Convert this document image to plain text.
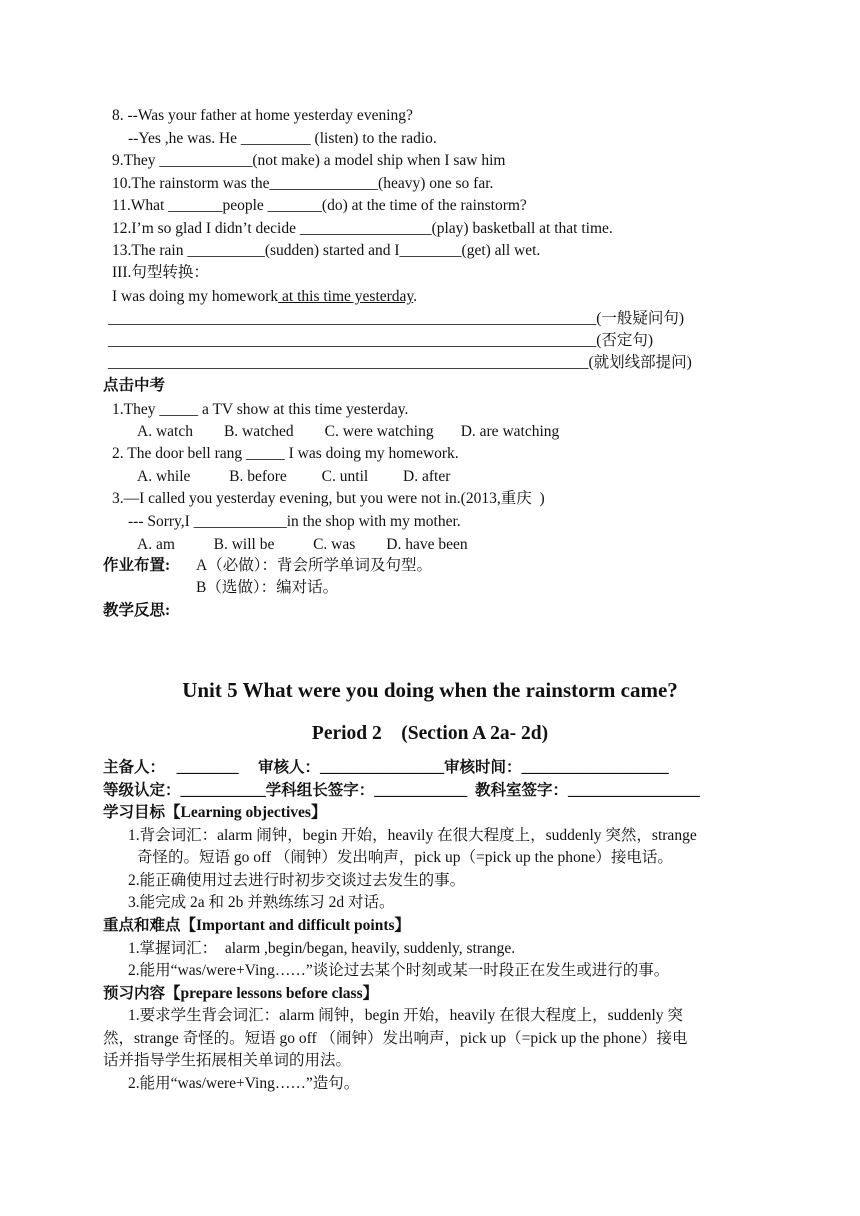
8. --Was your father at home yesterday evening?
--Yes ,he was. He _________ (listen) to the radio.
9.They ____________(not make) a model ship when I saw him
10.The rainstorm was the______________(heavy) one so far.
11.What _______people _______(do) at the time of the rainstorm?
12.I’m so glad I didn’t decide _________________(play) basketball at that time.
13.The rain __________(sudden) started and I________(get) all wet.
III.句型转换：
I was doing my homework at this time yesterday.
_______________________________________________________________(一般疑问句)
_______________________________________________________________(否定句)
______________________________________________________________(就划线部提问)
点击中考
1.They _____ a TV show at this time yesterday.
A. watch        B. watched        C. were watching       D. are watching
2. The door bell rang _____ I was doing my homework.
A. while          B. before         C. until         D. after
3.—I called you yesterday evening, but you were not in.(2013,重庆  )
--- Sorry,I ____________in the shop with my mother.
A. am          B. will be          C. was        D. have been
作业布置: A（必做）：背会所学单词及句型。
B（选做）：编对话。
教学反思:
Unit 5 What were you doing when the rainstorm came?
Period 2    (Section A 2a- 2d)
主备人：   ________     审核人：________________审核时间：___________________
等级认定：___________学科组长签字：____________  教科室签字：_________________
学习目标【Learning objectives】
1.背会词汇：alarm 闹钟，begin 开始，heavily 在很大程度上，suddenly 突然，strange
奇怪的。短语 go off （闹钟）发出响声，pick up（=pick up the phone）接电话。
2.能正确使用过去进行时初步交谈过去发生的事。
3.能完成 2a 和 2b 并熟练练习 2d 对话。
重点和难点【Important and difficult points】
1.掌握词汇：  alarm ,begin/began, heavily, suddenly, strange.
2.能用“was/were+Ving……”谈论过去某个时刻或某一时段正在发生或进行的事。
预习内容【prepare lessons before class】
1.要求学生背会词汇：alarm 闹钟，begin 开始，heavily 在很大程度上，suddenly 突
然，strange 奇怪的。短语 go off （闹钟）发出响声，pick up（=pick up the phone）接电
话并指导学生拓展相关单词的用法。
2.能用“was/were+Ving……”造句。
